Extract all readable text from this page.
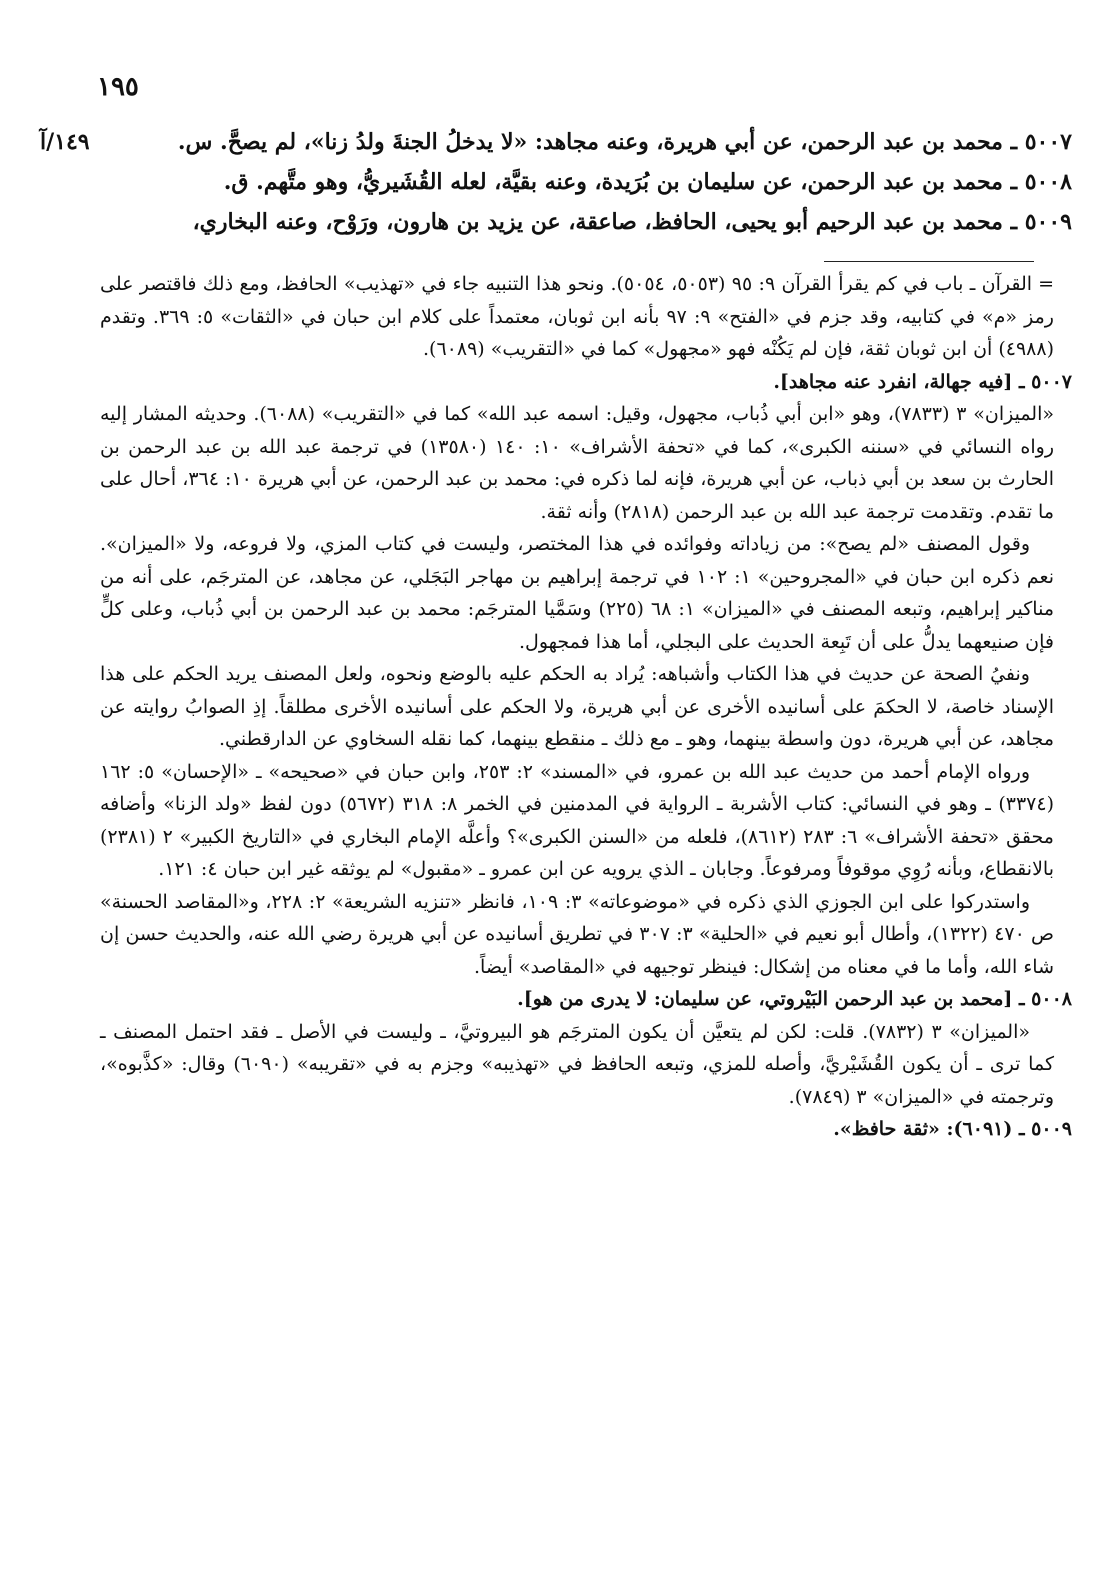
١٩٥

١٤٩/آ	٥٠٠٧ ـ محمد بن عبد الرحمن، عن أبي هريرة، وعنه مجاهد: «لا يدخلُ الجنةَ ولدُ زنا»، لم يصحَّ. س.

٥٠٠٨ ـ محمد بن عبد الرحمن، عن سليمان بن بُرَيدة، وعنه بقيَّة، لعله القُشَيريُّ، وهو متَّهم. ق.

٥٠٠٩ ـ محمد بن عبد الرحيم أبو يحيى، الحافظ، صاعقة، عن يزيد بن هارون، ورَوْح، وعنه البخاري،

=القرآن ـ باب في كم يقرأ القرآن ٩: ٩٥ (٥٠٥٣، ٥٠٥٤). ونحو هذا التنبيه جاء في «تهذيب» الحافظ، ومع ذلك فاقتصر على رمز «م» في كتابيه، وقد جزم في «الفتح» ٩: ٩٧ بأنه ابن ثوبان، معتمداً على كلام ابن حبان في «الثقات» ٥: ٣٦٩. وتقدم (٤٩٨٨) أن ابن ثوبان ثقة، فإن لم يَكُنْه فهو «مجهول» كما في «التقريب» (٦٠٨٩).

٥٠٠٧ ـ [فيه جهالة، انفرد عنه مجاهد].

«الميزان» ٣ (٧٨٣٣)، وهو «ابن أبي ذُباب، مجهول، وقيل: اسمه عبد الله» كما في «التقريب» (٦٠٨٨). وحديثه المشار إليه رواه النسائي في «سننه الكبرى»، كما في «تحفة الأشراف» ١٠: ١٤٠ (١٣٥٨٠) في ترجمة عبد الله بن عبد الرحمن بن الحارث بن سعد بن أبي ذباب، عن أبي هريرة، فإنه لما ذكره في: محمد بن عبد الرحمن، عن أبي هريرة ١٠: ٣٦٤، أحال على ما تقدم. وتقدمت ترجمة عبد الله بن عبد الرحمن (٢٨١٨) وأنه ثقة.

وقول المصنف «لم يصح»: من زياداته وفوائده في هذا المختصر، وليست في كتاب المزي، ولا فروعه، ولا «الميزان». نعم ذكره ابن حبان في «المجروحين» ١: ١٠٢ في ترجمة إبراهيم بن مهاجر البَجَلي، عن مجاهد، عن المترجَم، على أنه من مناكير إبراهيم، وتبعه المصنف في «الميزان» ١: ٦٨ (٢٢٥) وسَمَّيا المترجَم: محمد بن عبد الرحمن بن أبي ذُباب، وعلى كلٍّ فإن صنيعهما يدلُّ على أن تَبِعة الحديث على البجلي، أما هذا فمجهول.

ونفيُ الصحة عن حديث في هذا الكتاب وأشباهه: يُراد به الحكم عليه بالوضع ونحوه، ولعل المصنف يريد الحكم على هذا الإسناد خاصة، لا الحكمَ على أسانيده الأخرى عن أبي هريرة، ولا الحكم على أسانيده الأخرى مطلقاً. إذِ الصوابُ روايته عن مجاهد، عن أبي هريرة، دون واسطة بينهما، وهو ـ مع ذلك ـ منقطع بينهما، كما نقله السخاوي عن الدارقطني.

ورواه الإمام أحمد من حديث عبد الله بن عمرو، في «المسند» ٢: ٢٥٣، وابن حبان في «صحيحه» ـ «الإحسان» ٥: ١٦٢ (٣٣٧٤) ـ وهو في النسائي: كتاب الأشربة ـ الرواية في المدمنين في الخمر ٨: ٣١٨ (٥٦٧٢) دون لفظ «ولد الزنا» وأضافه محقق «تحفة الأشراف» ٦: ٢٨٣ (٨٦١٢)، فلعله من «السنن الكبرى»؟ وأعلَّه الإمام البخاري في «التاريخ الكبير» ٢ (٢٣٨١) بالانقطاع، وبأنه رُوِي موقوفاً ومرفوعاً. وجابان ـ الذي يرويه عن ابن عمرو ـ «مقبول» لم يوثقه غير ابن حبان ٤: ١٢١.

واستدركوا على ابن الجوزي الذي ذكره في «موضوعاته» ٣: ١٠٩، فانظر «تنزيه الشريعة» ٢: ٢٢٨، و«المقاصد الحسنة» ص ٤٧٠ (١٣٢٢)، وأطال أبو نعيم في «الحلية» ٣: ٣٠٧ في تطريق أسانيده عن أبي هريرة رضي الله عنه، والحديث حسن إن شاء الله، وأما ما في معناه من إشكال: فينظر توجيهه في «المقاصد» أيضاً.

٥٠٠٨ ـ [محمد بن عبد الرحمن البَيْروتي، عن سليمان: لا يدرى من هو].

«الميزان» ٣ (٧٨٣٢). قلت: لكن لم يتعيَّن أن يكون المترجَم هو البيروتيَّ، ـ وليست في الأصل ـ فقد احتمل المصنف ـ كما ترى ـ أن يكون القُشَيْريَّ، وأصله للمزي، وتبعه الحافظ في «تهذيبه» وجزم به في «تقريبه» (٦٠٩٠) وقال: «كذَّبوه»، وترجمته في «الميزان» ٣ (٧٨٤٩).

٥٠٠٩ ـ (٦٠٩١): «ثقة حافظ».
